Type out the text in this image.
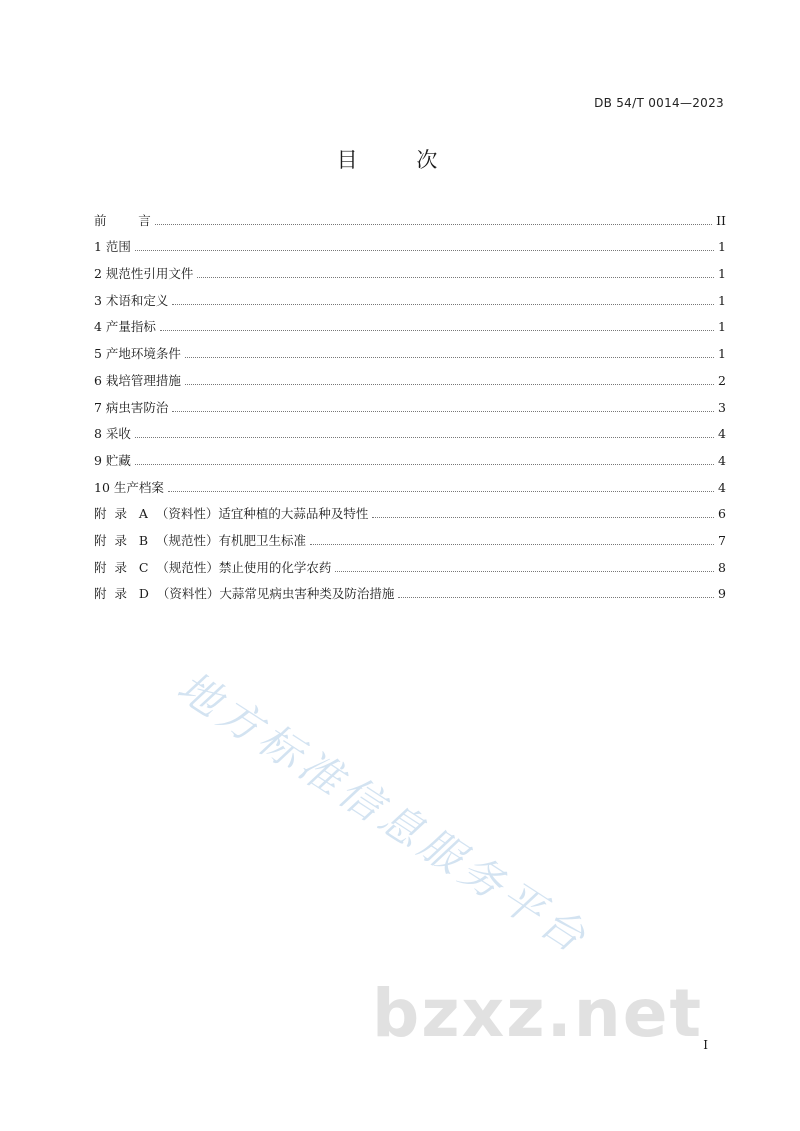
DB 54/T 0014—2023
目 次
前        言	II
1 范围	1
2 规范性引用文件	1
3 术语和定义	1
4 产量指标	1
5 产地环境条件	1
6 栽培管理措施	2
7 病虫害防治	3
8 采收	4
9 贮藏	4
10 生产档案	4
附  录   A  （资料性）适宜种植的大蒜品种及特性	6
附  录   B  （规范性）有机肥卫生标准	7
附  录   C  （规范性）禁止使用的化学农药	8
附  录   D  （资料性）大蒜常见病虫害种类及防治措施	9
地方标准信息服务平台
bzxz.net I
